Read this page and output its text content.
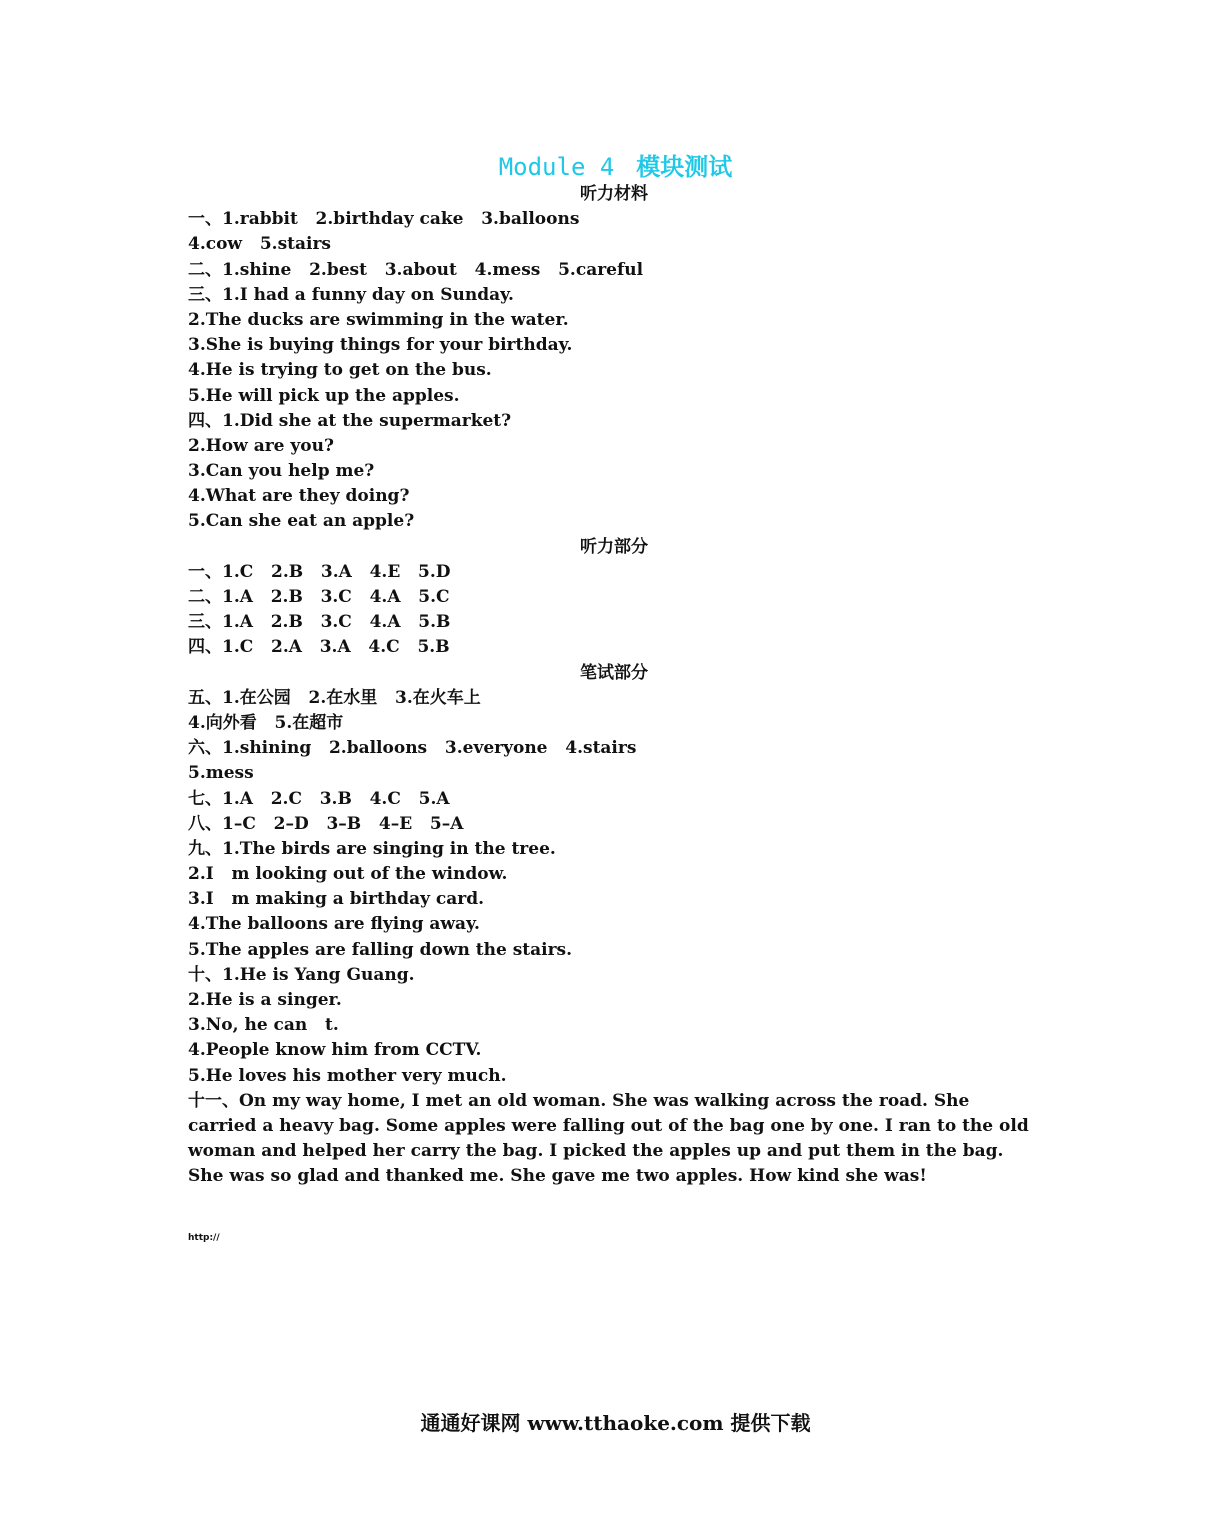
Module 4 模块测试
听力材料
一、1.rabbit   2.birthday cake   3.balloons
4.cow   5.stairs
二、1.shine   2.best   3.about   4.mess   5.careful
三、1.I had a funny day on Sunday.
2.The ducks are swimming in the water.
3.She is buying things for your birthday.
4.He is trying to get on the bus.
5.He will pick up the apples.
四、1.Did she at the supermarket?
2.How are you?
3.Can you help me?
4.What are they doing?
5.Can she eat an apple?
听力部分
一、1.C   2.B   3.A   4.E   5.D
二、1.A   2.B   3.C   4.A   5.C
三、1.A   2.B   3.C   4.A   5.B
四、1.C   2.A   3.A   4.C   5.B
笔试部分
五、1.在公园   2.在水里   3.在火车上
4.向外看   5.在超市
六、1.shining   2.balloons   3.everyone   4.stairs
5.mess
七、1.A   2.C   3.B   4.C   5.A
八、1–C   2–D   3–B   4–E   5–A
九、1.The birds are singing in the tree.
2.I   m looking out of the window.
3.I   m making a birthday card.
4.The balloons are flying away.
5.The apples are falling down the stairs.
十、1.He is Yang Guang.
2.He is a singer.
3.No, he can   t.
4.People know him from CCTV.
5.He loves his mother very much.
十一、On my way home, I met an old woman. She was walking across the road. She carried a heavy bag. Some apples were falling out of the bag one by one. I ran to the old woman and helped her carry the bag. I picked the apples up and put them in the bag. She was so glad and thanked me. She gave me two apples. How kind she was!
http://
通通好课网 www.tthaoke.com 提供下载
